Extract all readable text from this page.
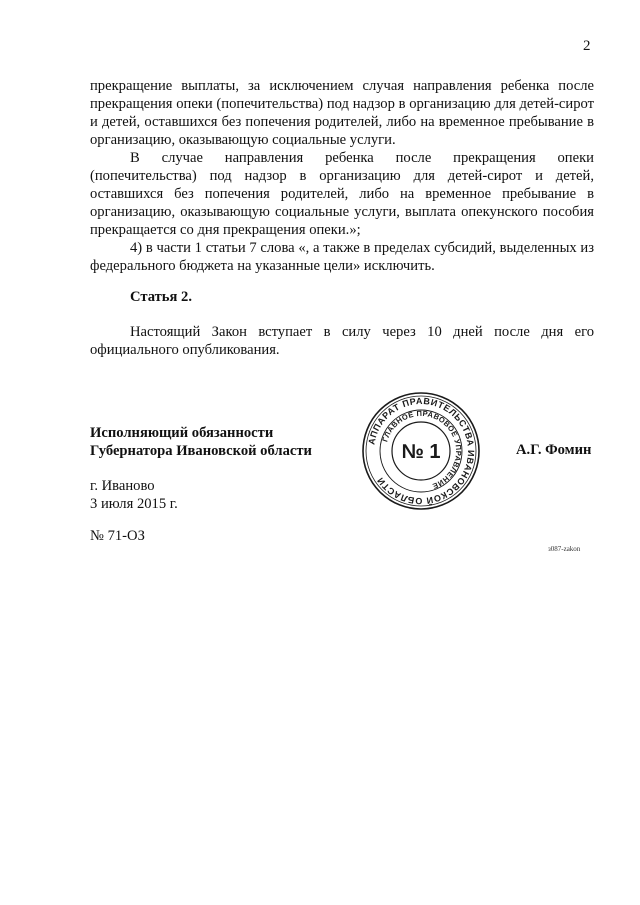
2

прекращение выплаты, за исключением случая направления ребенка после прекращения опеки (попечительства) под надзор в организацию для детей-сирот и детей, оставшихся без попечения родителей, либо на временное пребывание в организацию, оказывающую социальные услуги.

В случае направления ребенка после прекращения опеки (попечительства) под надзор в организацию для детей-сирот и детей, оставшихся без попечения родителей, либо на временное пребывание в организацию, оказывающую социальные услуги, выплата опекунского пособия прекращается со дня прекращения опеки.»;

4) в части 1 статьи 7 слова «, а также в пределах субсидий, выделенных из федерального бюджета на указанные цели» исключить.

Статья 2.
Настоящий Закон вступает в силу через 10 дней после дня его официального опубликования.
Исполняющий обязанности
Губернатора Ивановской области
АППАРАТ ПРАВИТЕЛЬСТВА ИВАНОВСКОЙ ОБЛАСТИ
ГЛАВНОЕ ПРАВОВОЕ УПРАВЛЕНИЕ
№ 1	А.Г. Фомин
г. Иваново
3 июля 2015 г.
№ 71-ОЗ
з087-zakon
